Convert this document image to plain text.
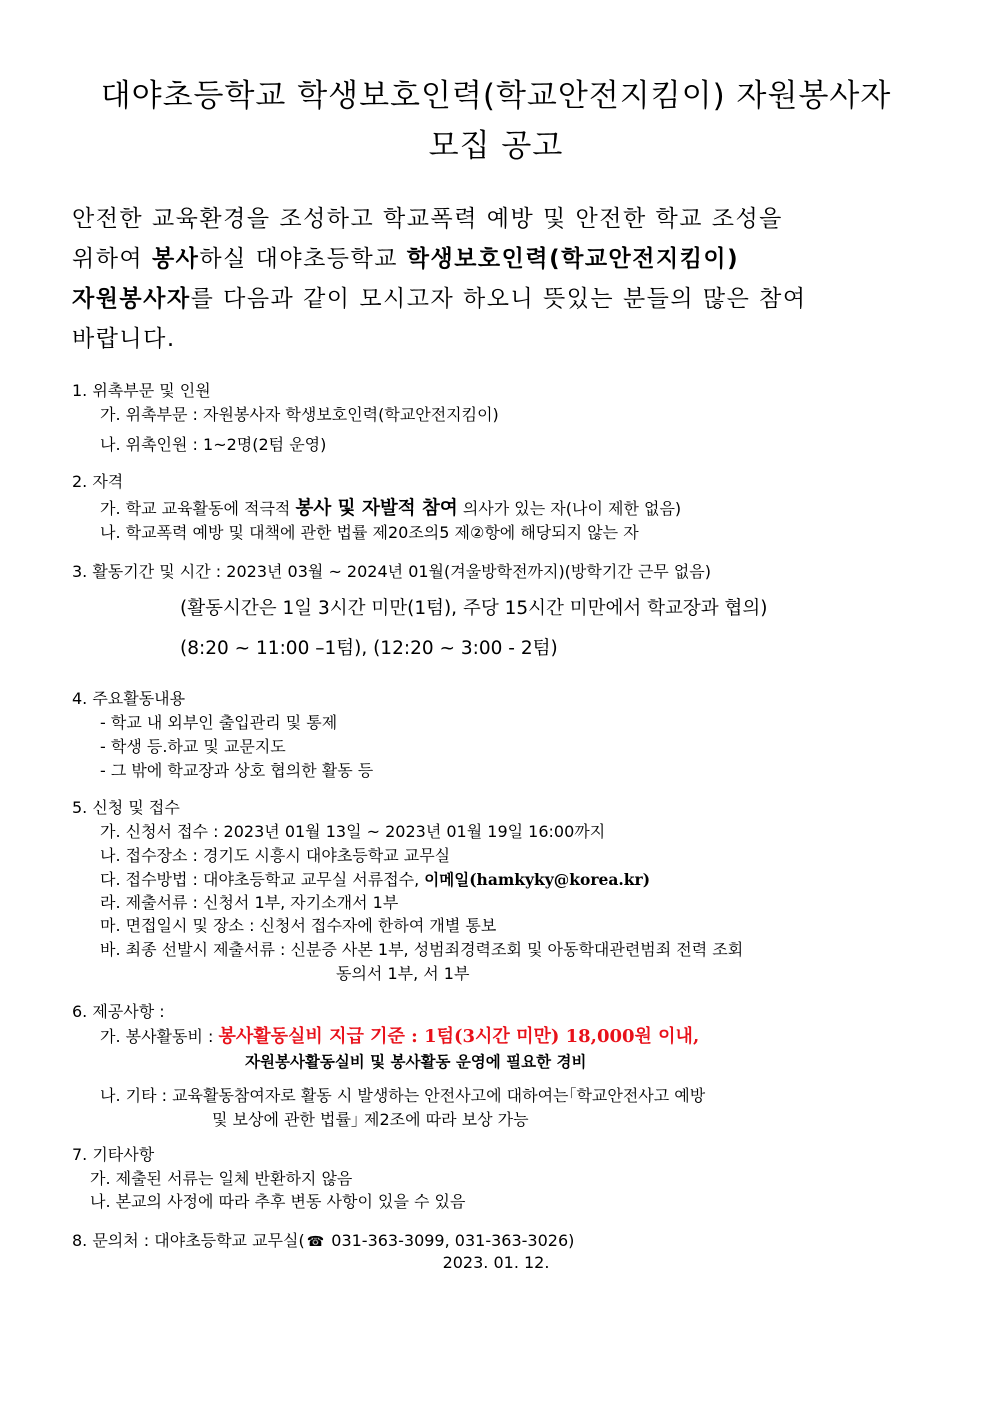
대야초등학교 학생보호인력(학교안전지킴이) 자원봉사자
모집 공고
안전한 교육환경을 조성하고 학교폭력 예방 및 안전한 학교 조성을
위하여 봉사하실 대야초등학교 학생보호인력(학교안전지킴이)
자원봉사자를 다음과 같이 모시고자 하오니 뜻있는 분들의 많은 참여
바랍니다.
1. 위촉부문 및 인원
가. 위촉부문 : 자원봉사자 학생보호인력(학교안전지킴이)
나. 위촉인원 : 1~2명(2텀 운영)
2. 자격
가. 학교 교육활동에 적극적 봉사 및 자발적 참여 의사가 있는 자(나이 제한 없음)
나. 학교폭력 예방 및 대책에 관한 법률 제20조의5 제②항에 해당되지 않는 자
3. 활동기간 및 시간 : 2023년 03월 ~ 2024년 01월(겨울방학전까지)(방학기간 근무 없음)
(활동시간은 1일 3시간 미만(1텀), 주당 15시간 미만에서 학교장과 협의)
(8:20 ~ 11:00 –1텀), (12:20 ~ 3:00 - 2텀)
4. 주요활동내용
- 학교 내 외부인 출입관리 및 통제
- 학생 등.하교 및 교문지도
- 그 밖에 학교장과 상호 협의한 활동 등
5. 신청 및 접수
가. 신청서 접수 : 2023년 01월 13일 ~ 2023년 01월 19일 16:00까지
나. 접수장소 : 경기도 시흥시 대야초등학교 교무실
다. 접수방법 : 대야초등학교 교무실 서류접수, 이메일(hamkyky@korea.kr)
라. 제출서류 : 신청서 1부, 자기소개서 1부
마. 면접일시 및 장소 : 신청서 접수자에 한하여 개별 통보
바. 최종 선발시 제출서류 : 신분증 사본 1부, 성범죄경력조회 및 아동학대관련범죄 전력 조회
동의서 1부, 서 1부
6. 제공사항 :
가. 봉사활동비 : 봉사활동실비 지급 기준 : 1텀(3시간 미만) 18,000원 이내,
자원봉사활동실비 및 봉사활동 운영에 필요한 경비
나. 기타 : 교육활동참여자로 활동 시 발생하는 안전사고에 대하여는｢학교안전사고 예방
및 보상에 관한 법률｣ 제2조에 따라 보상 가능
7. 기타사항
가. 제출된 서류는 일체 반환하지 않음
나. 본교의 사정에 따라 추후 변동 사항이 있을 수 있음
8. 문의처 : 대야초등학교 교무실( ☎ 031-363-3099, 031-363-3026)
2023. 01. 12.
